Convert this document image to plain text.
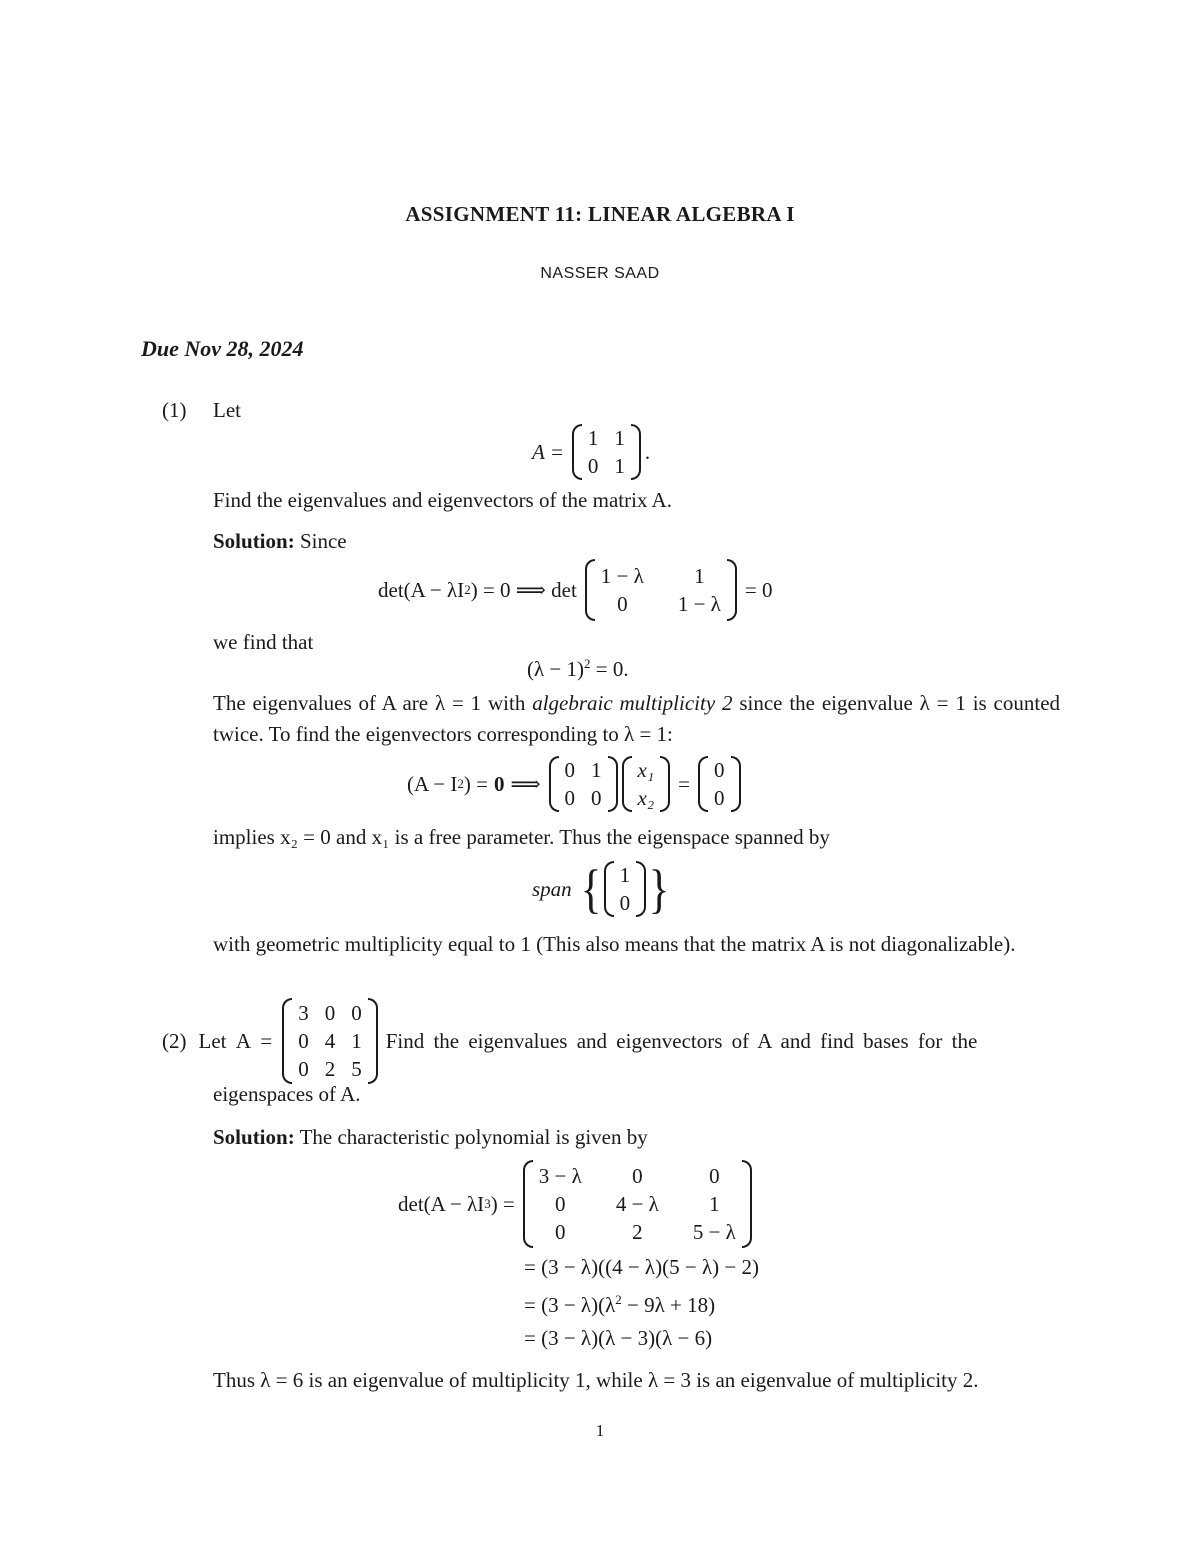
ASSIGNMENT 11: LINEAR ALGEBRA I
NASSER SAAD
Due Nov 28, 2024
(1) Let
A =
1 1
0 1
.
Find the eigenvalues and eigenvectors of the matrix A.
Solution: Since
det(A − λI 2 ) = 0 ⟹ det
1 − λ	1
0	1 − λ
= 0
we find that
$(\lambda - 1)^2 = 0$.
The eigenvalues of A are λ = 1 with algebraic multiplicity 2 since the eigenvalue λ = 1 is counted twice. To find the eigenvectors corresponding to λ = 1:
(A − I 2 ) = 0 ⟹
0 1
0 0
x₁
x₂
=
0
0
implies x₂ = 0 and x₁ is a free parameter. Thus the eigenspace spanned by
span { 1
0 }
with geometric multiplicity equal to 1 (This also means that the matrix A is not diagonalizable).
(2) Let  A  =
3 0 0
0 4 1
0 2 5
Find the eigenvalues and eigenvectors of A and find bases for the
eigenspaces of A.
Solution: The characteristic polynomial is given by
det(A − λI 3 ) =
3 − λ	0	0
0	4 − λ	1
0	2	5 − λ
= (3 − λ)((4 − λ)(5 − λ) − 2)
= $(3 - \lambda)(\lambda^2 - 9\lambda + 18)$
= (3 − λ)(λ − 3)(λ − 6)
Thus λ = 6 is an eigenvalue of multiplicity 1, while λ = 3 is an eigenvalue of multiplicity 2.
1
